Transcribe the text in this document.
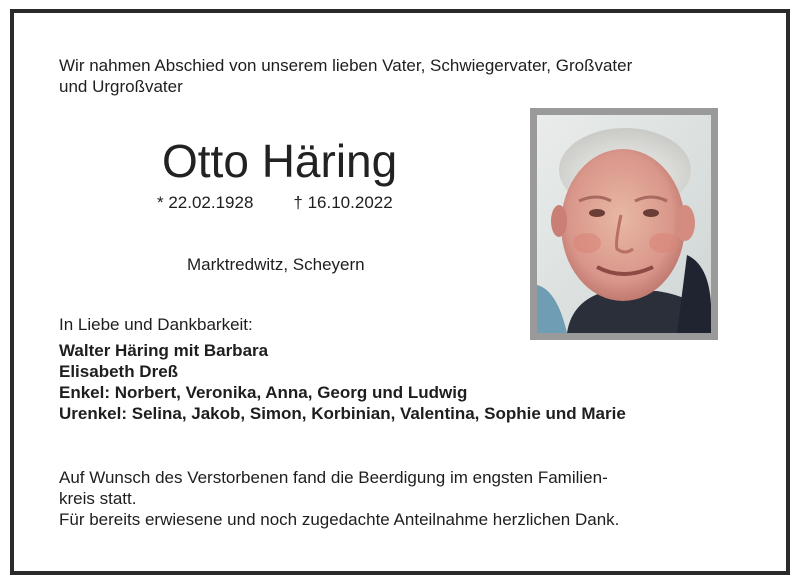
Wir nahmen Abschied von unserem lieben Vater, Schwiegervater, Großvater
und Urgroßvater
Otto Häring
* 22.02.1928 † 16.10.2022
Marktredwitz, Scheyern
In Liebe und Dankbarkeit:
Walter Häring mit Barbara
Elisabeth Dreß
Enkel: Norbert, Veronika, Anna, Georg und Ludwig
Urenkel: Selina, Jakob, Simon, Korbinian, Valentina, Sophie und Marie
Auf Wunsch des Verstorbenen fand die Beerdigung im engsten Familien-
kreis statt.
Für bereits erwiesene und noch zugedachte Anteilnahme herzlichen Dank.
